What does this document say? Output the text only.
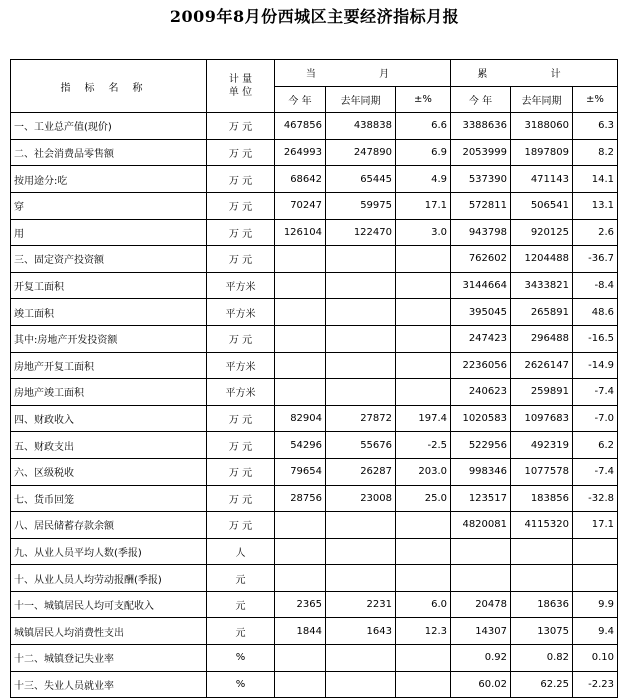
2009年8月份西城区主要经济指标月报
指标名称	计 量
单 位	当 月			累 计		
		今 年	去年同期	±%	今 年	去年同期	±%
一、工业总产值(现价)	万 元	467856	438838	6.6	3388636	3188060	6.3
二、社会消费品零售额	万 元	264993	247890	6.9	2053999	1897809	8.2
按用途分:吃	万 元	68642	65445	4.9	537390	471143	14.1
穿	万 元	70247	59975	17.1	572811	506541	13.1
用	万 元	126104	122470	3.0	943798	920125	2.6
三、固定资产投资额	万 元				762602	1204488	-36.7
开复工面积	平方米				3144664	3433821	-8.4
竣工面积	平方米				395045	265891	48.6
其中:房地产开发投资额	万 元				247423	296488	-16.5
房地产开复工面积	平方米				2236056	2626147	-14.9
房地产竣工面积	平方米				240623	259891	-7.4
四、财政收入	万 元	82904	27872	197.4	1020583	1097683	-7.0
五、财政支出	万 元	54296	55676	-2.5	522956	492319	6.2
六、区级税收	万 元	79654	26287	203.0	998346	1077578	-7.4
七、货币回笼	万 元	28756	23008	25.0	123517	183856	-32.8
八、居民储蓄存款余额	万 元				4820081	4115320	17.1
九、从业人员平均人数(季报)	人						
十、从业人员人均劳动报酬(季报)	元						
十一、城镇居民人均可支配收入	元	2365	2231	6.0	20478	18636	9.9
城镇居民人均消费性支出	元	1844	1643	12.3	14307	13075	9.4
十二、城镇登记失业率	%				0.92	0.82	0.10
十三、失业人员就业率	%				60.02	62.25	-2.23
